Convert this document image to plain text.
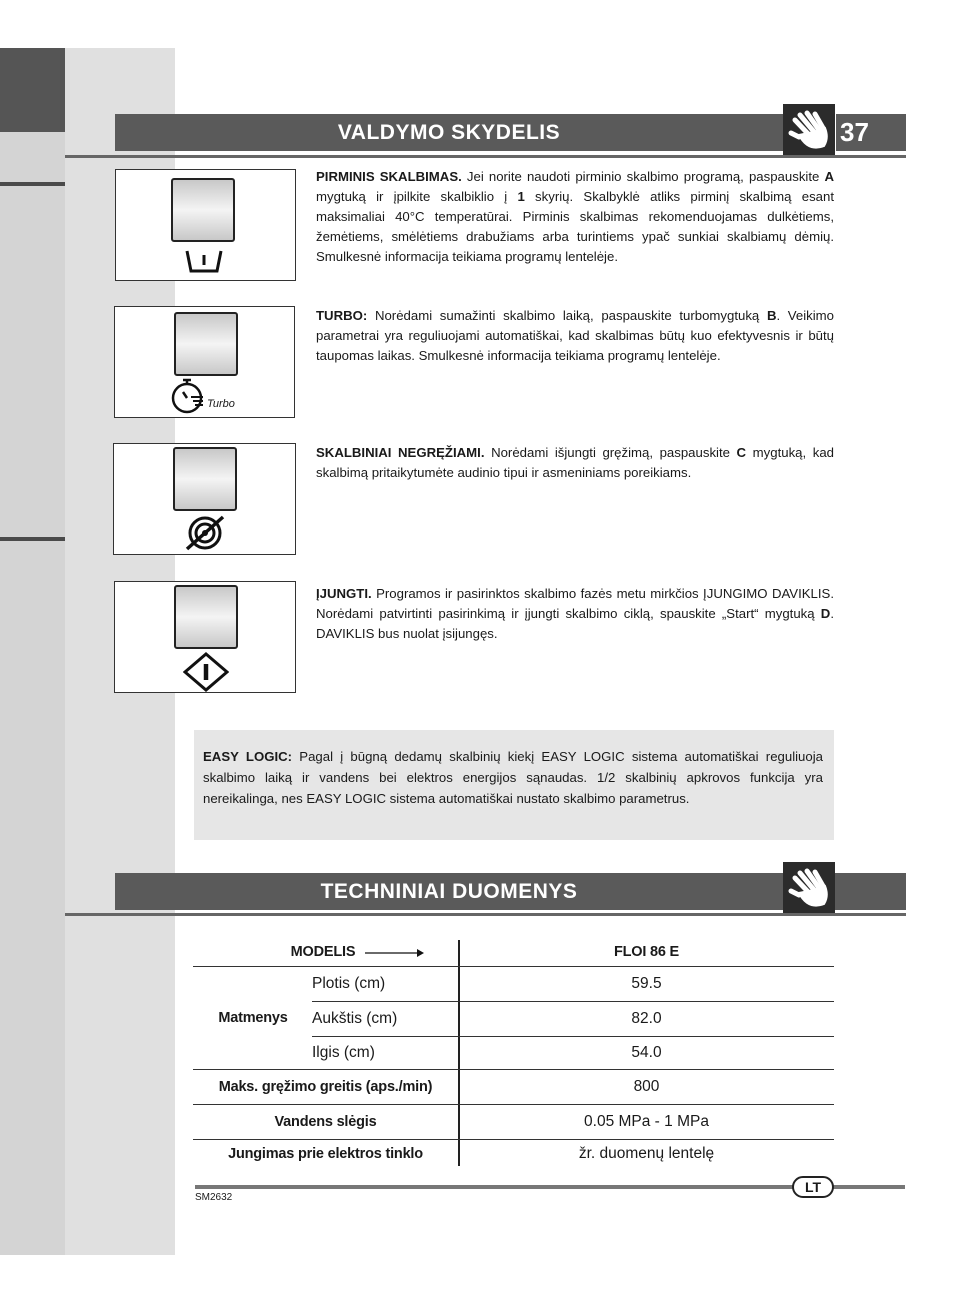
VALDYMO SKYDELIS	37
PIRMINIS SKALBIMAS. Jei norite naudoti pirminio skalbimo programą, paspauskite A mygtuką ir įpilkite skalbiklio į 1 skyrių. Skalbyklė atliks pirminį skalbimą esant maksimaliai 40°C temperatūrai. Pirminis skalbimas rekomenduojamas dulkėtiems, žemėtiems, smėlėtiems drabužiams arba turintiems ypač sunkiai skalbiamų dėmių. Smulkesnė informacija teikiama programų lentelėje.
Turbo
TURBO: Norėdami sumažinti skalbimo laiką, paspauskite turbomygtuką B. Veikimo parametrai yra reguliuojami automatiškai, kad skalbimas būtų kuo efektyvesnis ir būtų taupomas laikas. Smulkesnė informacija teikiama programų lentelėje.
SKALBINIAI NEGRĘŽIAMI. Norėdami išjungti gręžimą, paspauskite C mygtuką, kad skalbimą pritaikytumėte audinio tipui ir asmeniniams poreikiams.
ĮJUNGTI. Programos ir pasirinktos skalbimo fazės metu mirkčios ĮJUNGIMO DAVIKLIS. Norėdami patvirtinti pasirinkimą ir įjungti skalbimo ciklą, spauskite „Start“ mygtuką D. DAVIKLIS bus nuolat įsijungęs.
EASY LOGIC: Pagal į būgną dedamų skalbinių kiekį EASY LOGIC sistema automatiškai reguliuoja skalbimo laiką ir vandens bei elektros energijos sąnaudas. 1/2 skalbinių apkrovos funkcija yra nereikalinga, nes EASY LOGIC sistema automatiškai nustato skalbimo parametrus.
TECHNINIAI DUOMENYS
MODELIS	FLOI 86 E
Matmenys
Plotis (cm)	59.5
Aukštis (cm)	82.0
Ilgis (cm)	54.0
Maks. gręžimo greitis (aps./min)	800
Vandens slėgis	0.05 MPa - 1 MPa
Jungimas prie elektros tinklo	žr. duomenų lentelę
LT
SM2632
